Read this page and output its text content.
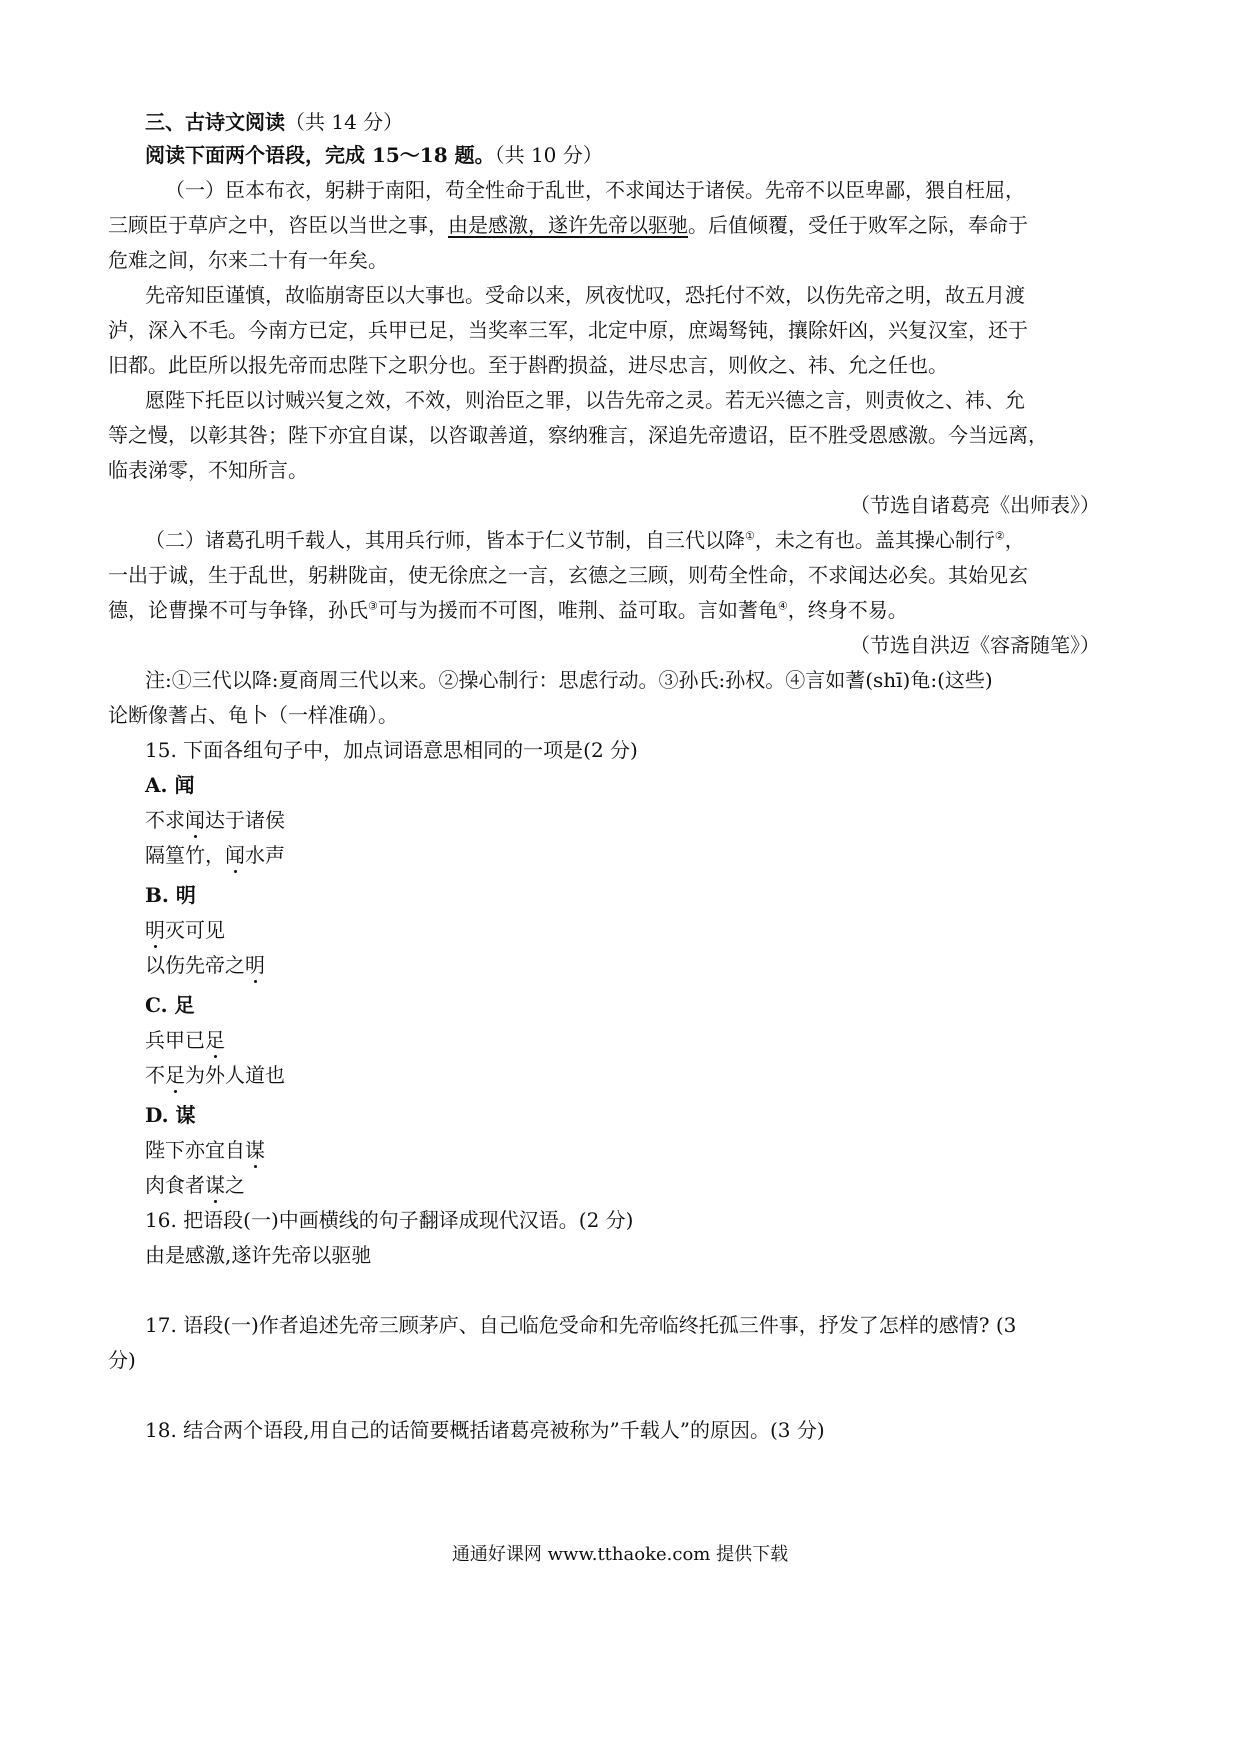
三、古诗文阅读（共 14 分）
阅读下面两个语段，完成 15～18 题。（共 10 分）
（一）臣本布衣，躬耕于南阳，苟全性命于乱世，不求闻达于诸侯。先帝不以臣卑鄙，猥自枉屈，
三顾臣于草庐之中，咨臣以当世之事，由是感激，遂许先帝以驱驰。后值倾覆，受任于败军之际，奉命于
危难之间，尔来二十有一年矣。
先帝知臣谨慎，故临崩寄臣以大事也。受命以来，夙夜忧叹，恐托付不效，以伤先帝之明，故五月渡
泸，深入不毛。今南方已定，兵甲已足，当奖率三军，北定中原，庶竭驽钝，攘除奸凶，兴复汉室，还于
旧都。此臣所以报先帝而忠陛下之职分也。至于斟酌损益，进尽忠言，则攸之、祎、允之任也。
愿陛下托臣以讨贼兴复之效，不效，则治臣之罪，以告先帝之灵。若无兴德之言，则责攸之、祎、允
等之慢，以彰其咎；陛下亦宜自谋，以咨诹善道，察纳雅言，深追先帝遗诏，臣不胜受恩感激。今当远离，
临表涕零，不知所言。
（节选自诸葛亮《出师表》）
（二）诸葛孔明千载人，其用兵行师，皆本于仁义节制，自三代以降①，未之有也。盖其操心制行②，
一出于诚，生于乱世，躬耕陇亩，使无徐庶之一言，玄德之三顾，则苟全性命，不求闻达必矣。其始见玄
德，论曹操不可与争锋，孙氏③可与为援而不可图，唯荆、益可取。言如蓍龟④，终身不易。
（节选自洪迈《容斋随笔》）
注:①三代以降:夏商周三代以来。②操心制行：思虑行动。③孙氏:孙权。④言如蓍(shī)龟:(这些)
论断像蓍占、龟卜（一样准确）。
15. 下面各组句子中，加点词语意思相同的一项是(2 分)
A. 闻
不求闻达于诸侯
隔篁竹，闻水声
B. 明
明灭可见
以伤先帝之明
C. 足
兵甲已足
不足为外人道也
D. 谋
陛下亦宜自谋
肉食者谋之
16. 把语段(一)中画横线的句子翻译成现代汉语。(2 分)
由是感激,遂许先帝以驱驰
17. 语段(一)作者追述先帝三顾茅庐、自己临危受命和先帝临终托孤三件事，抒发了怎样的感情? (3
分)
18. 结合两个语段,用自己的话简要概括诸葛亮被称为”千载人”的原因。(3 分)
通通好课网 www.tthaoke.com 提供下载
